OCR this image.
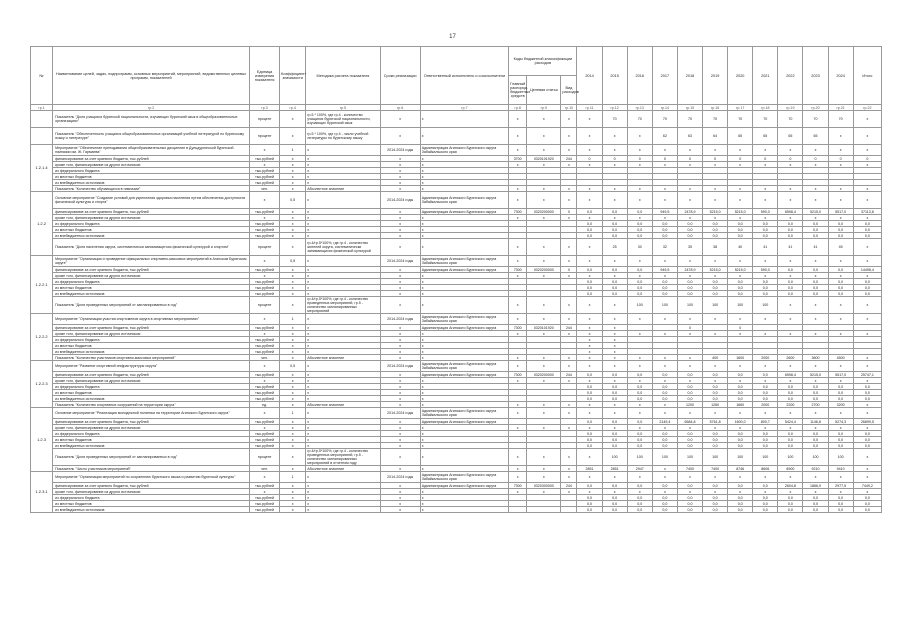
17
№	Наименование целей, задач, подпрограмм, основных мероприятий, мероприятий, ведомственных целевых программ, показателей	Единица измерения показателя	Коэффициент значимости	Методика расчета показателя	Сроки реализации	Ответственный исполнитель и соисполнители	Коды бюджетной классификации расходов			2014	2015	2016	2017	2018	2019	2020	2021	2022	2023	2024	Итого
							Главный распоряд. бюджетных средств	Целевая статья	Вид расходов												
гр.1	гр.2	гр.3	гр.4	гр.5	гр.6	гр.7	гр.8	гр.9	гр.10	гр.11	гр.12	гр.13	гр.14	гр.15	гр.16	гр.17	гр.18	гр.19	гр.20	гр.21	гр.22
	Показатель "Доля учащихся бурятской национальности, изучающих бурятский язык в общеобразовательных организациях"	процент	x	гр.5 * 100%, где гр.4 - количество учащихся бурятской национальности, изучающих бурятский язык	x	x	x	x	x	x	70	70	70	70	70	70	70	70	70	70	x
	Показатель "Обеспеченность учащихся общеобразовательных организаций учебной литературой по бурятскому языку и литературе"	процент	x	гр.5 * 100%, где гр.4 - число учебной литературы по бурятскому языку	x	x	x	x	x	x	x	x	62	63	64	65	65	65	65	x	x
1.2.1.4	Мероприятие "Обеспечение преподавания общеобразовательных дисциплин в Дульдургинской бурятской гимназии им. Ж. Гармаева"	x	1	x	2014-2024 годы	Администрация Агинского Бурятского округа Забайкальского края	x	x	x	x	x	x	x	x	x	x	x	x	x	x	x
	финансирование за счет краевого бюджета, тыс.рублей	тыс.рублей	x	x	x	x	3700	0320101920	244	0	0	0	0	0	0	0	0	0	0	0	0
	кроме того, финансирование из других источников:	x	x	x	x	x	x	x	x	x	x	x	x	x	x	x	x	x	x	x	x
	из федерального бюджета	тыс.рублей	x	x	x	x															
	из местных бюджетов	тыс.рублей	x	x	x	x															
	из внебюджетных источников	тыс.рублей	x	x	x	x															
	Показатель "Количество обучающихся в гимназии"	чел.	x	Абсолютное значение	x	x	x	x	x	x	x	x	x	x	x	x	x	x	x	x	x
1.2.2	Основное мероприятие "Создание условий для укрепления здоровья населения путем обеспечения доступности физической культуры и спорта"	x	0,5	x	2014-2024 годы	Администрация Агинского Бурятского округа Забайкальского края	x	x	x	x	x	x	x	x	x	x	x	x	x	x	x
	финансирование за счет краевого бюджета, тыс.рублей	тыс.рублей	x	x	x	Администрация Агинского Бурятского округа	7300	0320200000	0	0,0	0,0	0,0	949,5	2478,9	5215,0	5215,0	590,0	6598,4	5215,0	5517,0	37113,8
	кроме того, финансирование из других источников:	x	x	x	x	x	x	x	x	x	x	x	x	x	x	x	x	x	x	x	x
	из федерального бюджета	тыс.рублей	x	x	x	x				0,0	0,0	0,0	0,0	0,0	0,0	0,0	0,0	0,0	0,0	0,0	0,0
	из местных бюджетов	тыс.рублей	x	x	x	x				0,0	0,0	0,0	0,0	0,0	0,0	0,0	0,0	0,0	0,0	0,0	0,0
	из внебюджетных источников	тыс.рублей	x	x	x	x				0,0	0,0	0,0	0,0	0,0	0,0	0,0	0,0	0,0	0,0	0,0	0,0
	Показатель "Доля населения округа, систематически занимающегося физической культурой и спортом"	процент	x	гр.4/гр.5*100%, где гр.4 - количество жителей округа, систематически занимающихся физической культурой	x	x	x	x	x	x	25	30	32	35	38	40	41	41	41	45	x
1.2.2.1	Мероприятие "Организация и проведение официальных спортивно-массовых мероприятий в Агинском Бурятском округе"	x	0,5	x	2014-2024 годы	Администрация Агинского Бурятского округа Забайкальского края	x	x	x	x	x	x	x	x	x	x	x	x	x	x	x
	финансирование за счет краевого бюджета, тыс.рублей	тыс.рублей	x	x	x	Администрация Агинского Бурятского округа	7300	0320200000	0	0,0	0,0	0,0	949,5	2478,9	5215,0	5215,0	590,0	0,0	0,0	0,0	14498,4
	кроме того, финансирование из других источников:	x	x	x	x	x	x	x	x	x	x	x	x	x	x	x	x	x	x	x	x
	из федерального бюджета	тыс.рублей	x	x	x	x				0,0	0,0	0,0	0,0	0,0	0,0	0,0	0,0	0,0	0,0	0,0	0,0
	из местных бюджетов	тыс.рублей	x	x	x	x				0,0	0,0	0,0	0,0	0,0	0,0	0,0	0,0	0,0	0,0	0,0	0,0
	из внебюджетных источников	тыс.рублей	x	x	x	x				0,0	0,0	0,0	0,0	0,0	0,0	0,0	0,0	0,0	0,0	0,0	0,0
	Показатель "Доля проведенных мероприятий от запланированных в год"	процент	x	гр.4/гр.5*100%, где гр.4 - количество проведенных мероприятий, гр.5 - количество запланированных мероприятий	x	x	x	x	x	x	x	100	100	100	100	100	100	x	x	x	x
1.2.2.2	Мероприятие "Организация участия спортсменов округа в спортивных мероприятиях"	x	1	x	2014-2024 годы	Администрация Агинского Бурятского округа Забайкальского края	x	x	x	x	x	x	x	x	x	x	x	x	x	x	x
	финансирование за счет краевого бюджета, тыс.рублей	тыс.рублей	x	x	x	Администрация Агинского Бурятского округа	7300	0320101920	244	x	x			0		0					
	кроме того, финансирование из других источников:	x	x	x	x	x	x	x	x	x	x	x	x	x	x	x	x	x	x	x	x
	из федерального бюджета	тыс.рублей	x	x	x	x				x	x										
	из местных бюджетов	тыс.рублей	x	x	x	x				x	x										
	из внебюджетных источников	тыс.рублей	x	x	x	x				x	x										
	Показатель "Количество участников спортивно-массовых мероприятий"	чел.	x	Абсолютное значение	x	x	x	x	x	x	x	x	x	x	400	1600	2000	2600	3600	4500	x
1.2.2.3	Мероприятие "Развитие спортивной инфраструктуры округа"	x	0,5	x	2014-2024 годы	Администрация Агинского Бурятского округа Забайкальского края	x	x	x	x	x	x	x	x	x	x	x	x	x	x	x
	финансирование за счет краевого бюджета, тыс.рублей	тыс.рублей	x	x	x	Администрация Агинского Бурятского округа	7300	0320200000	244	0,0	0,0	0,0	0,0	0,0	0,0	0,0	0,0	6598,4	5215,0	5517,0	25747,1
	кроме того, финансирование из других источников:	x	x	x	x	x	x	x	x	x	x	x	x	x	x	x	x	x	x	x	x
	из федерального бюджета	тыс.рублей	x	x	x	x				0,0	0,0	0,0	0,0	0,0	0,0	0,0	0,0	0,0	0,0	0,0	0,0
	из местных бюджетов	тыс.рублей	x	x	x	x				0,0	0,0	0,0	0,0	0,0	0,0	0,0	0,0	0,0	0,0	0,0	0,0
	из внебюджетных источников	тыс.рублей	x	x	x	x				0,0	0,0	0,0	0,0	0,0	0,0	0,0	0,0	0,0	0,0	0,0	0,0
	Показатель "Количество спортивных сооружений на территории округа"	ед.	x	Абсолютное значение	x	x	x	x	x	x	x	x	x	1200	1260	1660	2000	2200	2700	3200	x
1.2.3	Основное мероприятие "Реализация молодежной политики на территории Агинского Бурятского округа"	x	1	x	2014-2024 годы	Администрация Агинского Бурятского округа Забайкальского края	x	x	x	x	x	x	x	x	x	x	x	x	x	x	x
	финансирование за счет краевого бюджета, тыс.рублей	тыс.рублей	x	x	x	Администрация Агинского Бурятского округа				0,0	0,0	0,0	2149,4	6584,8	5761,8	1600,0	800,7	5424,4	1146,8	5274,3	26899,5
	кроме того, финансирование из других источников:	x	x	x	x	x	x	x	x	x	x	x	x	x	x	x	x	x	x	x	x
	из федерального бюджета	тыс.рублей	x	x	x	x				0,0	0,0	0,0	0,0	0,0	0,0	0,0	0,0	0,0	0,0	0,0	0,0
	из местных бюджетов	тыс.рублей	x	x	x	x				0,0	0,0	0,0	0,0	0,0	0,0	0,0	0,0	0,0	0,0	0,0	0,0
	из внебюджетных источников	тыс.рублей	x	x	x	x				0,0	0,0	0,0	0,0	0,0	0,0	0,0	0,0	0,0	0,0	0,0	0,0
	Показатель "Доля проведенных мероприятий от запланированных в год"	процент	x	гр.4/гр.5*100%, где гр.4 - количество проведенных мероприятий, гр.5 - количество запланированных мероприятий в отчетном году	x	x	x	x	x	x	100	100	100	100	100	100	100	100	100	100	x
	Показатель "Число участников мероприятий"	чел.	x	Абсолютное значение	x	x	x	x	x	2851	2851	2947	x	7400	7400	8746	8606	8900	9210	9410	x
1.2.3.1	Мероприятие "Организация мероприятий по сохранению бурятского языка и развитию бурятской культуры"	x	1	x	2014-2024 годы	Администрация Агинского Бурятского округа Забайкальского края	x	x	x	x	x	x	x	x	x	x	x	x	x	x	x
	финансирование за счет краевого бюджета, тыс.рублей	тыс.рублей	x	x	x	Администрация Агинского Бурятского округа	7300	0320300000	244	0,0	0,0	0,0	0,0	0,0	0,0	0,0	0,0	2604,8	1866,9	2977,5	7449,2
	кроме того, финансирование из других источников:	x	x	x	x	x	x	x	x	x	x	x	x	x	x	x	x	x	x	x	x
	из федерального бюджета	тыс.рублей	x	x	x	x				0,0	0,0	0,0	0,0	0,0	0,0	0,0	0,0	0,0	0,0	0,0	0,0
	из местных бюджетов	тыс.рублей	x	x	x	x				0,0	0,0	0,0	0,0	0,0	0,0	0,0	0,0	0,0	0,0	0,0	0,0
	из внебюджетных источников	тыс.рублей	x	x	x	x				0,0	0,0	0,0	0,0	0,0	0,0	0,0	0,0	0,0	0,0	0,0	0,0
